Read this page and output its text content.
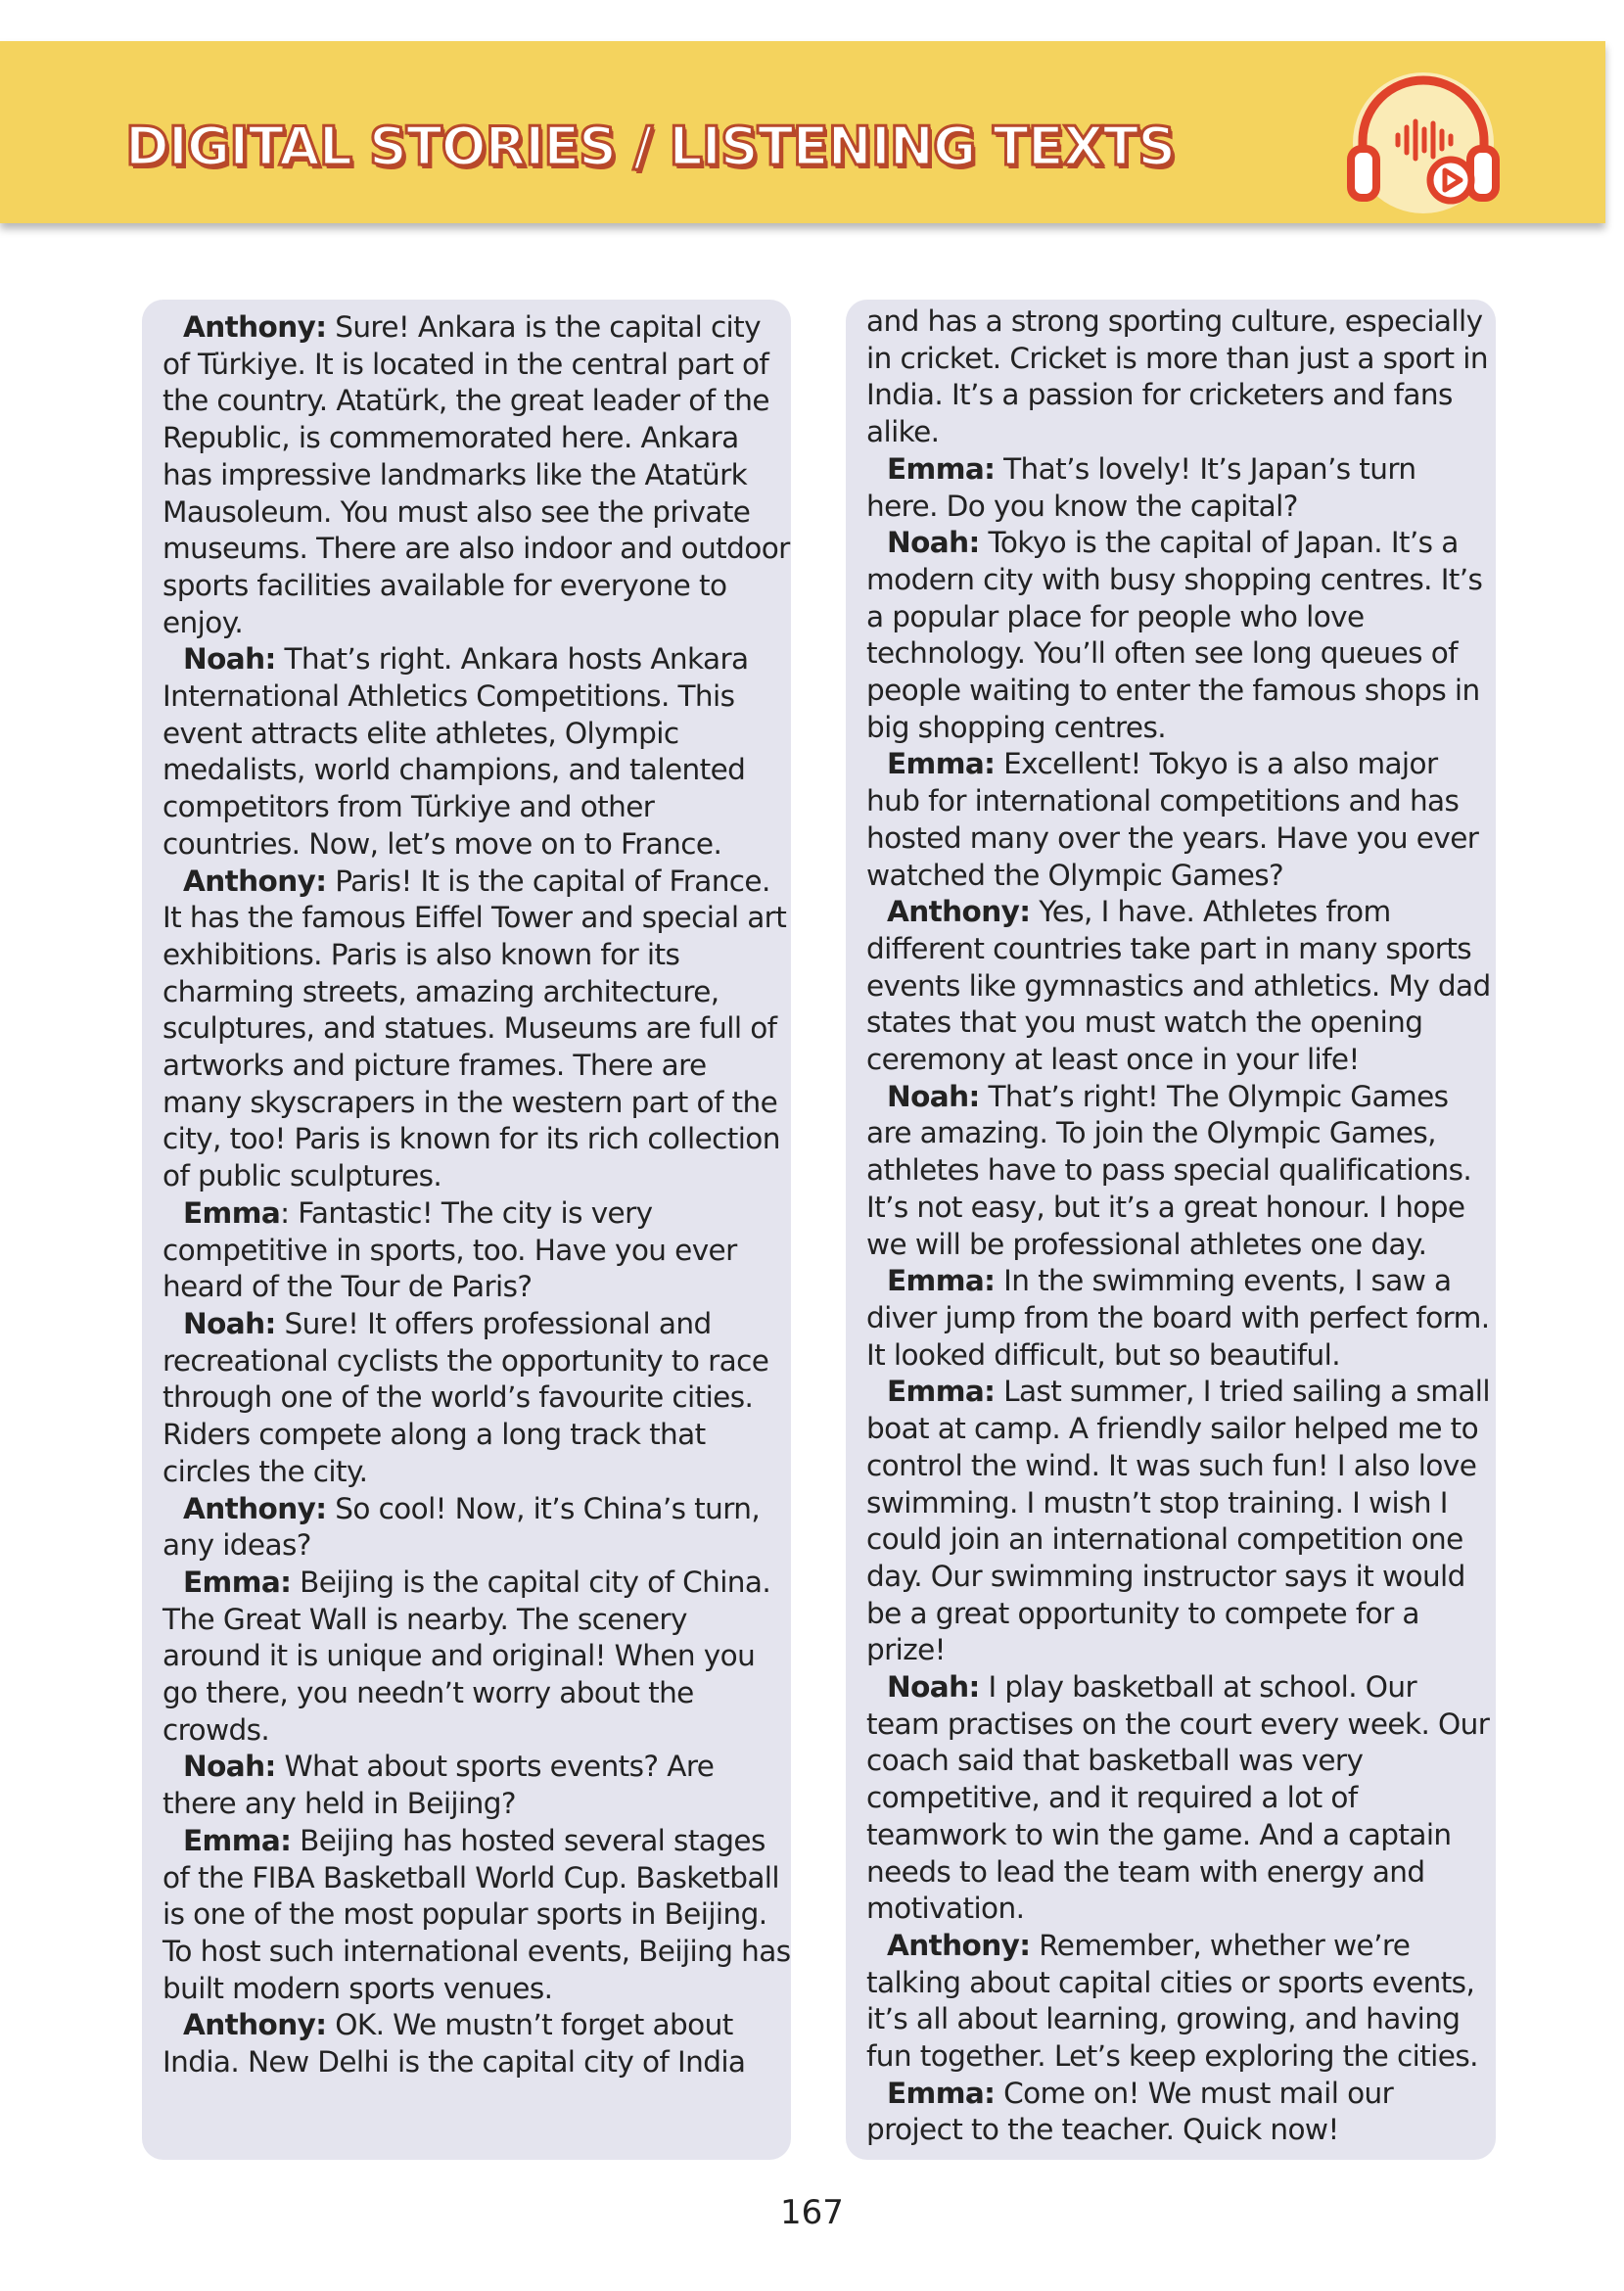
DIGITAL STORIES / LISTENING TEXTS

Anthony: Sure! Ankara is the capital city of Türkiye. It is located in the central part of the country. Atatürk, the great leader of the Republic, is commemorated here. Ankara has impressive landmarks like the Atatürk Mausoleum. You must also see the private museums. There are also indoor and outdoor sports facilities available for everyone to enjoy.

Noah: That’s right. Ankara hosts Ankara International Athletics Competitions. This event attracts elite athletes, Olympic medalists, world champions, and talented competitors from Türkiye and other countries. Now, let’s move on to France.

Anthony: Paris! It is the capital of France. It has the famous Eiffel Tower and special art exhibitions. Paris is also known for its charming streets, amazing architecture, sculptures, and statues. Museums are full of artworks and picture frames. There are many skyscrapers in the western part of the city, too! Paris is known for its rich collection of public sculptures.

Emma: Fantastic! The city is very competitive in sports, too. Have you ever heard of the Tour de Paris?

Noah: Sure! It offers professional and recreational cyclists the opportunity to race through one of the world’s favourite cities. Riders compete along a long track that circles the city.

Anthony: So cool! Now, it’s China’s turn, any ideas?

Emma: Beijing is the capital city of China. The Great Wall is nearby. The scenery around it is unique and original! When you go there, you needn’t worry about the crowds.

Noah: What about sports events? Are there any held in Beijing?

Emma: Beijing has hosted several stages of the FIBA Basketball World Cup. Basketball is one of the most popular sports in Beijing. To host such international events, Beijing has built modern sports venues.

Anthony: OK. We mustn’t forget about India. New Delhi is the capital city of India

and has a strong sporting culture, especially in cricket. Cricket is more than just a sport in India. It’s a passion for cricketers and fans alike.

Emma: That’s lovely! It’s Japan’s turn here. Do you know the capital?

Noah: Tokyo is the capital of Japan. It’s a modern city with busy shopping centres. It’s a popular place for people who love technology. You’ll often see long queues of people waiting to enter the famous shops in big shopping centres.

Emma: Excellent! Tokyo is a also major hub for international competitions and has hosted many over the years. Have you ever watched the Olympic Games?

Anthony: Yes, I have. Athletes from different countries take part in many sports events like gymnastics and athletics. My dad states that you must watch the opening ceremony at least once in your life!

Noah: That’s right! The Olympic Games are amazing. To join the Olympic Games, athletes have to pass special qualifications. It’s not easy, but it’s a great honour. I hope we will be professional athletes one day.

Emma: In the swimming events, I saw a diver jump from the board with perfect form. It looked difficult, but so beautiful.

Emma: Last summer, I tried sailing a small boat at camp. A friendly sailor helped me to control the wind. It was such fun! I also love swimming. I mustn’t stop training. I wish I could join an international competition one day. Our swimming instructor says it would be a great opportunity to compete for a prize!

Noah: I play basketball at school. Our team practises on the court every week. Our coach said that basketball was very competitive, and it required a lot of teamwork to win the game. And a captain needs to lead the team with energy and motivation.

Anthony: Remember, whether we’re talking about capital cities or sports events, it’s all about learning, growing, and having fun together. Let’s keep exploring the cities.

Emma: Come on! We must mail our project to the teacher. Quick now!

167
